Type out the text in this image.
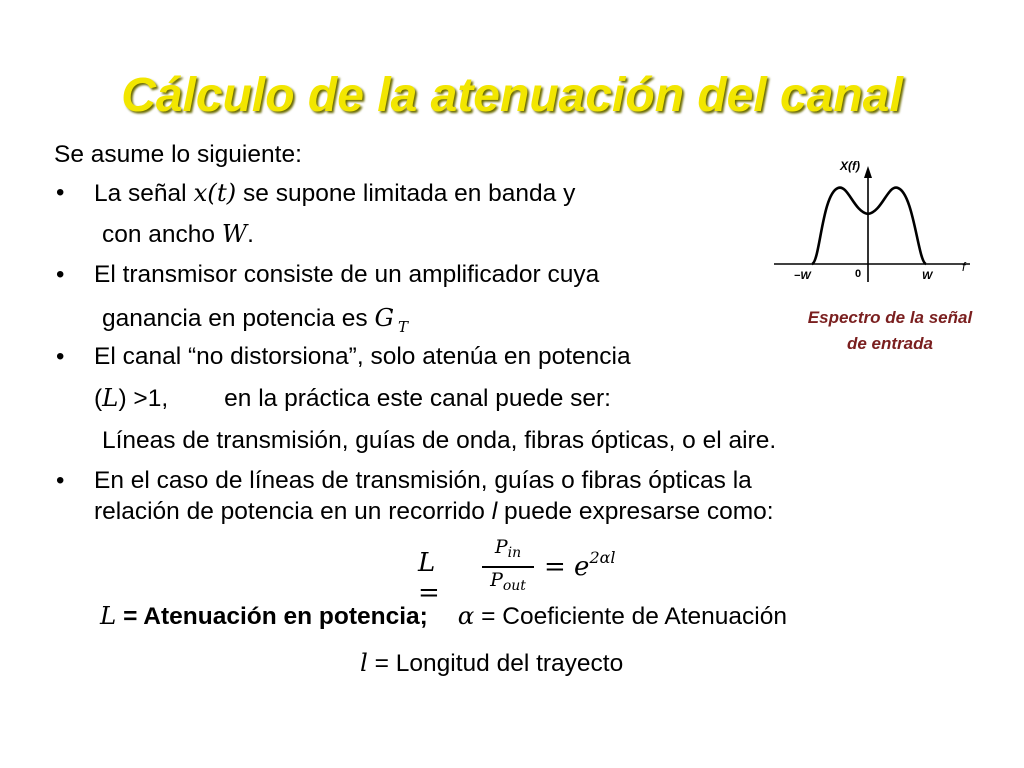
Cálculo de la atenuación del canal
Se asume lo siguiente:
• La señal x(t) se supone limitada en banda y
con ancho W.
• El transmisor consiste de un amplificador cuya
ganancia en potencia es G $_T$
• El canal “no distorsiona”, solo atenúa en potencia
(L) >1, en la práctica este canal puede ser:
Líneas de transmisión, guías de onda, fibras ópticas, o el aire.
• En el caso de líneas de transmisión, guías o fibras ópticas la
relación de potencia en un recorrido l puede expresarse como:
L =
$P_{in}$
$P_{out}$
= $e^{2\alpha l}$
L = Atenuación en potencia; α = Coeficiente de Atenuación
l = Longitud del trayecto
X(f)
f
−W	0	W
Espectro de la señal
de entrada
